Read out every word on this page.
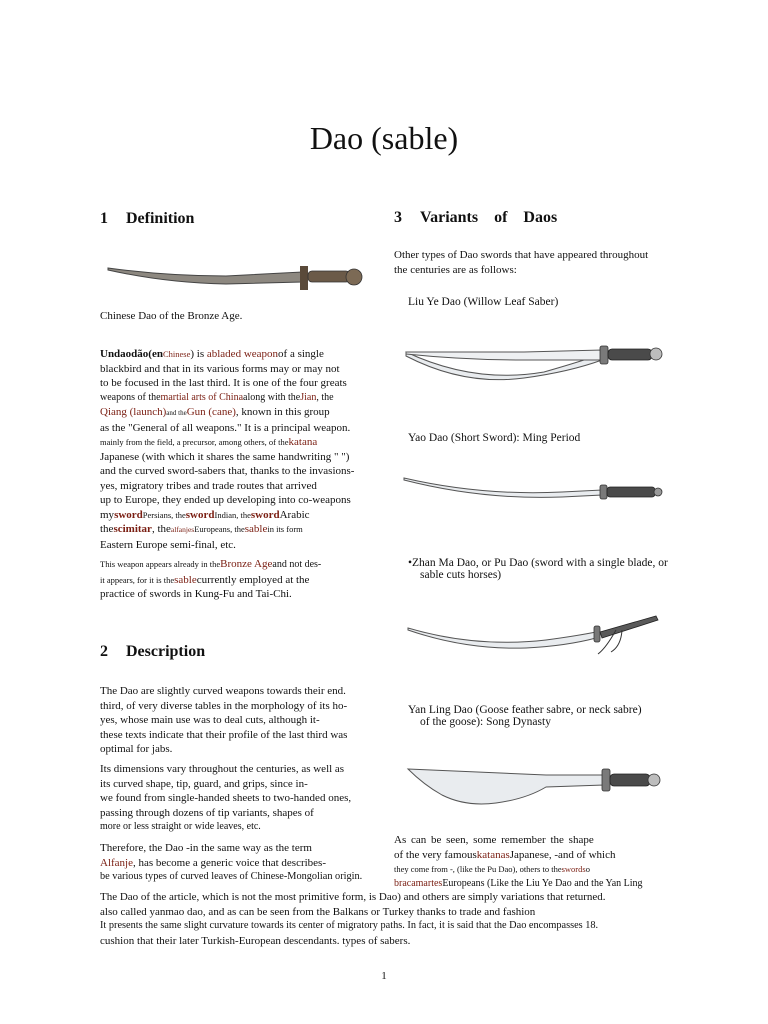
Dao (sable)
1 Definition
Chinese Dao of the Bronze Age.
Undaodão(enChinese) is abladed weaponof a single
blackbird and that in its various forms may or may not
to be focused in the last third. It is one of the four greats
weapons of themartial arts of Chinaalong with theJian, the
Qiang (launch)and theGun (cane), known in this group
as the "General of all weapons." It is a principal weapon.
mainly from the field, a precursor, among others, of thekatana
Japanese (with which it shares the same handwriting " ")
and the curved sword-sabers that, thanks to the invasions-
yes, migratory tribes and trade routes that arrived
up to Europe, they ended up developing into co-weapons
myswordPersians, theswordIndian, theswordArabic
thescimitar, thealfanjesEuropeans, thesablein its form
Eastern Europe semi-final, etc.
This weapon appears already in theBronze Ageand not des-
it appears, for it is thesablecurrently employed at the
practice of swords in Kung-Fu and Tai-Chi.
2 Description
The Dao are slightly curved weapons towards their end.
third, of very diverse tables in the morphology of its ho-
yes, whose main use was to deal cuts, although it-
these texts indicate that their profile of the last third was
optimal for jabs.
Its dimensions vary throughout the centuries, as well as
its curved shape, tip, guard, and grips, since in-
we found from single-handed sheets to two-handed ones,
passing through dozens of tip variants, shapes of
more or less straight or wide leaves, etc.
Therefore, the Dao -in the same way as the term
Alfanje, has become a generic voice that describes-
be various types of curved leaves of Chinese-Mongolian origin.
3 Variants of Daos
Other types of Dao swords that have appeared throughout
the centuries are as follows:
Liu Ye Dao (Willow Leaf Saber)
Yao Dao (Short Sword): Ming Period
•Zhan Ma Dao, or Pu Dao (sword with a single blade, or
sable cuts horses)
Yan Ling Dao (Goose feather sabre, or neck sabre)
of the goose): Song Dynasty
As can be seen, some remember the shape
of the very famouskatanasJapanese, -and of which
they come from -, (like the Pu Dao), others to theswordso
bracamartesEuropeans (Like the Liu Ye Dao and the Yan Ling
The Dao of the article, which is not the most primitive form, is Dao) and others are simply variations that returned.
also called yanmao dao, and as can be seen from the Balkans or Turkey thanks to trade and fashion
It presents the same slight curvature towards its center of migratory paths. In fact, it is said that the Dao encompasses 18.
cushion that their later Turkish-European descendants. types of sabers.
1
